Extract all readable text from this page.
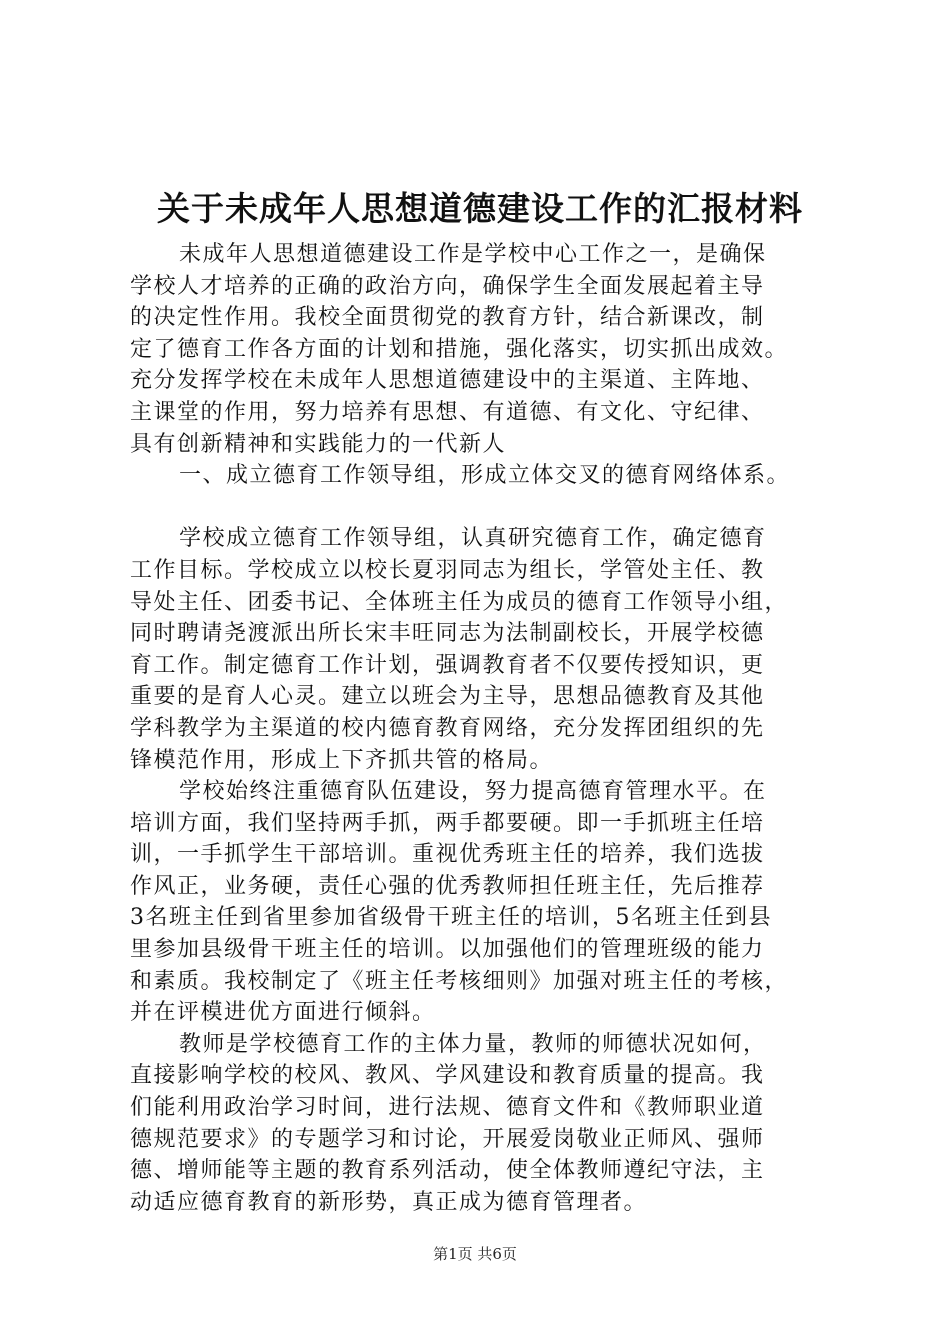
关于未成年人思想道德建设工作的汇报材料
未成年人思想道德建设工作是学校中心工作之一，是确保
学校人才培养的正确的政治方向，确保学生全面发展起着主导
的决定性作用。我校全面贯彻党的教育方针，结合新课改，制
定了德育工作各方面的计划和措施，强化落实，切实抓出成效。
充分发挥学校在未成年人思想道德建设中的主渠道、主阵地、
主课堂的作用，努力培养有思想、有道德、有文化、守纪律、
具有创新精神和实践能力的一代新人
一、成立德育工作领导组，形成立体交叉的德育网络体系。
学校成立德育工作领导组，认真研究德育工作，确定德育
工作目标。学校成立以校长夏羽同志为组长，学管处主任、教
导处主任、团委书记、全体班主任为成员的德育工作领导小组，
同时聘请尧渡派出所长宋丰旺同志为法制副校长，开展学校德
育工作。制定德育工作计划，强调教育者不仅要传授知识，更
重要的是育人心灵。建立以班会为主导，思想品德教育及其他
学科教学为主渠道的校内德育教育网络，充分发挥团组织的先
锋模范作用，形成上下齐抓共管的格局。
学校始终注重德育队伍建设，努力提高德育管理水平。在
培训方面，我们坚持两手抓，两手都要硬。即一手抓班主任培
训，一手抓学生干部培训。重视优秀班主任的培养，我们选拔
作风正，业务硬，责任心强的优秀教师担任班主任，先后推荐
3名班主任到省里参加省级骨干班主任的培训，5名班主任到县
里参加县级骨干班主任的培训。以加强他们的管理班级的能力
和素质。我校制定了《班主任考核细则》加强对班主任的考核，
并在评模进优方面进行倾斜。
教师是学校德育工作的主体力量，教师的师德状况如何，
直接影响学校的校风、教风、学风建设和教育质量的提高。我
们能利用政治学习时间，进行法规、德育文件和《教师职业道
德规范要求》的专题学习和讨论，开展爱岗敬业正师风、强师
德、增师能等主题的教育系列活动，使全体教师遵纪守法，主
动适应德育教育的新形势，真正成为德育管理者。
第1页 共6页
